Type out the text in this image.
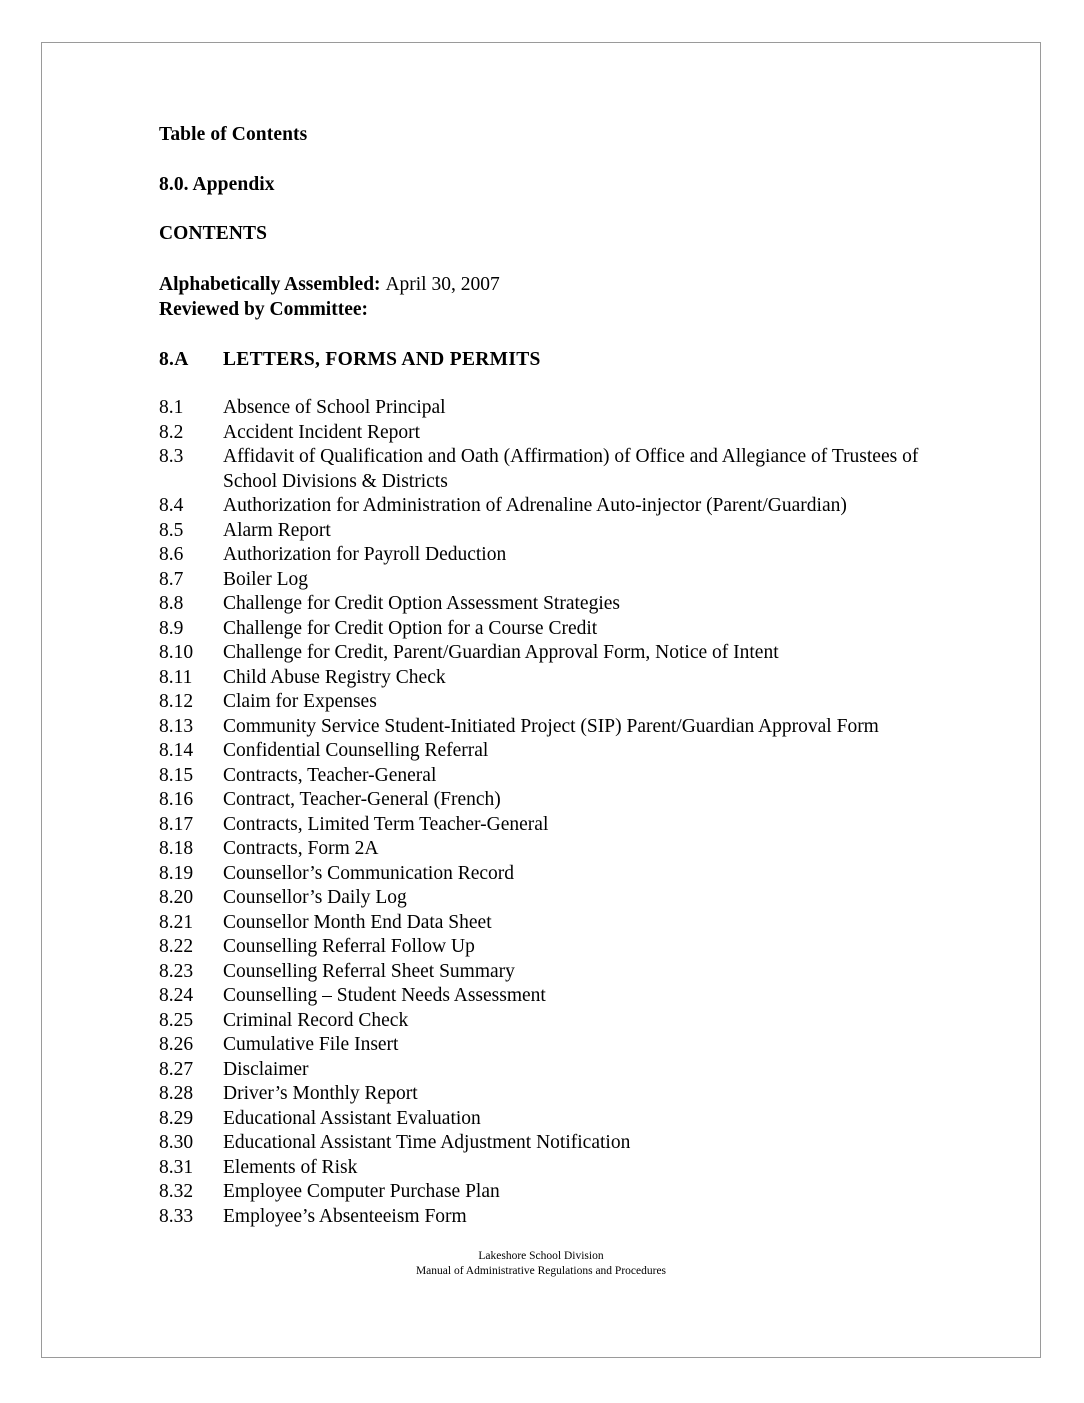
Table of Contents
8.0. Appendix
CONTENTS
Alphabetically Assembled: April 30, 2007
Reviewed by Committee:
8.A	LETTERS, FORMS AND PERMITS
8.1	Absence of School Principal
8.2	Accident Incident Report
8.3	Affidavit of Qualification and Oath (Affirmation) of Office and Allegiance of Trustees of School Divisions & Districts
8.4	Authorization for Administration of Adrenaline Auto-injector (Parent/Guardian)
8.5	Alarm Report
8.6	Authorization for Payroll Deduction
8.7	Boiler Log
8.8	Challenge for Credit Option Assessment Strategies
8.9	Challenge for Credit Option for a Course Credit
8.10	Challenge for Credit, Parent/Guardian Approval Form, Notice of Intent
8.11	Child Abuse Registry Check
8.12	Claim for Expenses
8.13	Community Service Student-Initiated Project (SIP) Parent/Guardian Approval Form
8.14	Confidential Counselling Referral
8.15	Contracts, Teacher-General
8.16	Contract, Teacher-General (French)
8.17	Contracts, Limited Term Teacher-General
8.18	Contracts, Form 2A
8.19	Counsellor’s Communication Record
8.20	Counsellor’s Daily Log
8.21	Counsellor Month End Data Sheet
8.22	Counselling Referral Follow Up
8.23	Counselling Referral Sheet Summary
8.24	Counselling – Student Needs Assessment
8.25	Criminal Record Check
8.26	Cumulative File Insert
8.27	Disclaimer
8.28	Driver’s Monthly Report
8.29	Educational Assistant Evaluation
8.30	Educational Assistant Time Adjustment Notification
8.31	Elements of Risk
8.32	Employee Computer Purchase Plan
8.33	Employee’s Absenteeism Form
Lakeshore School Division
Manual of Administrative Regulations and Procedures
